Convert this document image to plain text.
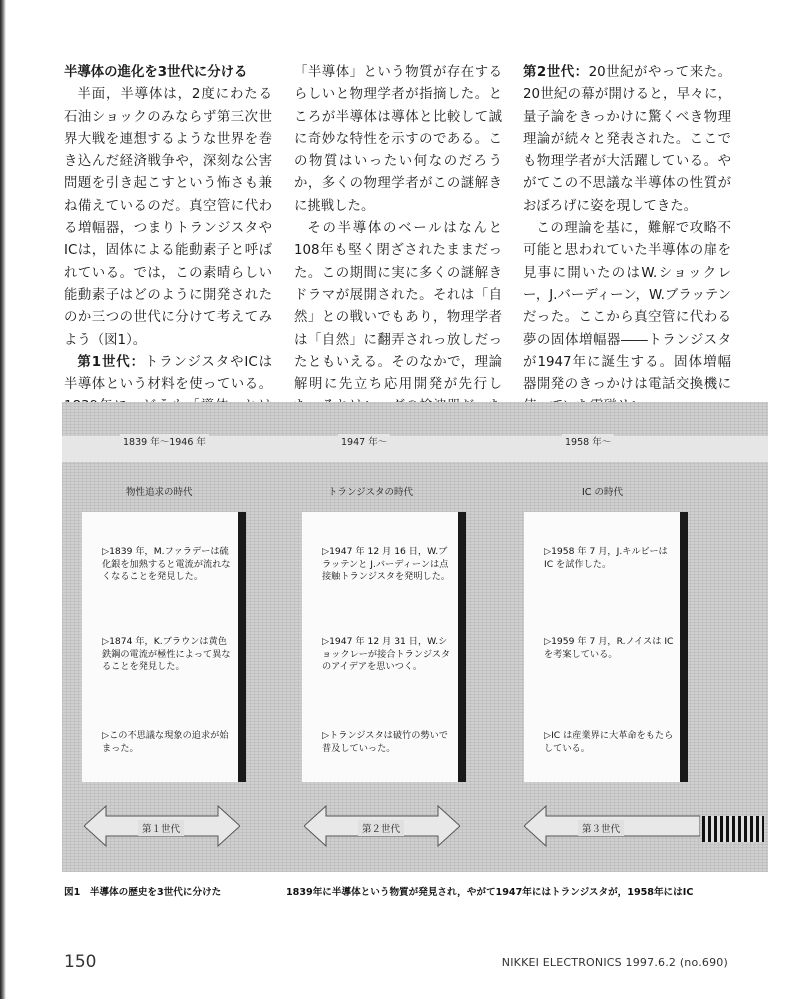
半導体の進化を3世代に分ける

半面，半導体は，2度にわたる石油ショックのみならず第三次世界大戦を連想するような世界を巻き込んだ経済戦争や，深刻な公害問題を引き起こすという怖さも兼ね備えているのだ。真空管に代わる増幅器，つまりトランジスタやICは，固体による能動素子と呼ばれている。では，この素晴らしい能動素子はどのように開発されたのか三つの世代に分けて考えてみよう（図1）。

第1世代：トランジスタやICは半導体という材料を使っている。

「半導体」という物質が存在するらしいと物理学者が指摘した。ところが半導体は導体と比較して誠に奇妙な特性を示すのである。この物質はいったい何なのだろうか，多くの物理学者がこの謎解きに挑戦した。

その半導体のベールはなんと108年も堅く閉ざされたままだった。この期間に実に多くの謎解きドラマが展開された。それは「自然」との戦いでもあり，物理学者は「自然」に翻弄されっ放しだったともいえる。そのなかで，理論解明に先立ち応用開発が先行し

第2世代：20世紀がやって来た。20世紀の幕が開けると，早々に，量子論をきっかけに驚くべき物理理論が続々と発表された。ここでも物理学者が大活躍している。やがてこの不思議な半導体の性質がおぼろげに姿を現してきた。

この理論を基に，難解で攻略不可能と思われていた半導体の扉を見事に開いたのはW.ショックレー，J.バーディーン，W.ブラッテンだった。ここから真空管に代わる夢の固体増幅器――トランジスタが1947年に誕生する。固体増幅器開発のきっかけは電話交換機に

1839 年～1946 年
物性追求の時代
▷1839 年，M.ファラデーは硫化銀を加熱すると電流が流れなくなることを発見した。
▷1874 年，K.ブラウンは黄色鉄鋼の電流が極性によって異なることを発見した。
▷この不思議な現象の追求が始まった。
1947 年～
トランジスタの時代
▷1947 年 12 月 16 日，W.ブラッテンと J.バーディーンは点接触トランジスタを発明した。
▷1947 年 12 月 31 日，W.ショックレーが接合トランジスタのアイデアを思いつく。
▷トランジスタは破竹の勢いで普及していった。
1958 年～
IC の時代
▷1958 年 7 月，J.キルビーは IC を試作した。
▷1959 年 7 月，R.ノイスは IC を考案している。
▷IC は産業界に大革命をもたらしている。
第１世代	第２世代	第３世代
図1　半導体の歴史を3世代に分けた	1839年に半導体という物質が発見され，やがて1947年にはトランジスタが，1958年にはIC
150	NIKKEI ELECTRONICS 1997.6.2 (no.690)
